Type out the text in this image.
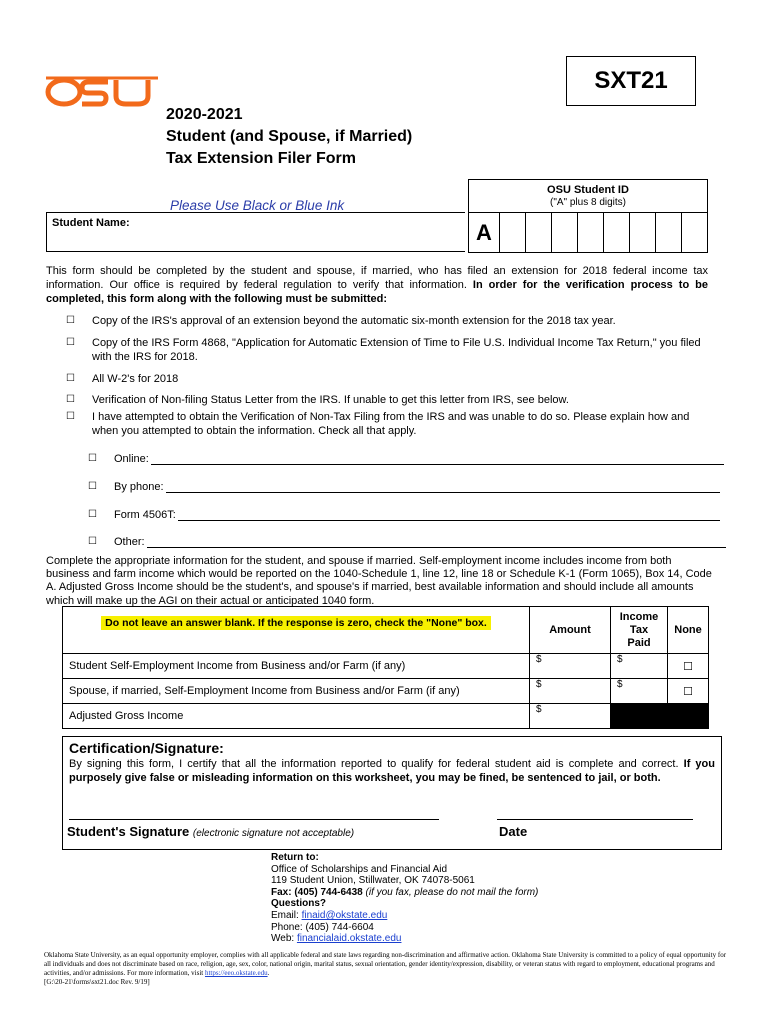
SXT21
2020-2021
Student (and Spouse, if Married)
Tax Extension Filer Form
Please Use Black or Blue Ink
OSU Student ID
("A" plus 8 digits)
A
Student Name:
This form should be completed by the student and spouse, if married, who has filed an extension for 2018 federal income tax information. Our office is required by federal regulation to verify that information. In order for the verification process to be completed, this form along with the following must be submitted:
☐ Copy of the IRS's approval of an extension beyond the automatic six-month extension for the 2018 tax year.
☐ Copy of the IRS Form 4868, "Application for Automatic Extension of Time to File U.S. Individual Income Tax Return," you filed with the IRS for 2018.
☐ All W-2's for 2018
☐ Verification of Non-filing Status Letter from the IRS. If unable to get this letter from IRS, see below.
☐ I have attempted to obtain the Verification of Non-Tax Filing from the IRS and was unable to do so. Please explain how and when you attempted to obtain the information. Check all that apply.
☐ Online:
☐ By phone:
☐ Form 4506T:
☐ Other:
Complete the appropriate information for the student, and spouse if married. Self-employment income includes income from both business and farm income which would be reported on the 1040-Schedule 1, line 12, line 18 or Schedule K-1 (Form 1065), Box 14, Code A. Adjusted Gross Income should be the student's, and spouse's if married, best available information and should include all amounts which will make up the AGI on their actual or anticipated 1040 form.
Do not leave an answer blank. If the response is zero, check the "None" box.	Amount	Income
Tax Paid	None
Student Self-Employment Income from Business and/or Farm (if any)	$	$	☐
Spouse, if married, Self-Employment Income from Business and/or Farm (if any)	$	$	☐
Adjusted Gross Income	$		
Certification/Signature:
By signing this form, I certify that all the information reported to qualify for federal student aid is complete and correct. If you purposely give false or misleading information on this worksheet, you may be fined, be sentenced to jail, or both.
Student's Signature (electronic signature not acceptable)	Date
Return to:
Office of Scholarships and Financial Aid
119 Student Union, Stillwater, OK 74078-5061
Fax: (405) 744-6438 (if you fax, please do not mail the form)
Questions?
Email: finaid@okstate.edu
Phone: (405) 744-6604
Web: financialaid.okstate.edu
Oklahoma State University, as an equal opportunity employer, complies with all applicable federal and state laws regarding non-discrimination and affirmative action. Oklahoma State University is committed to a policy of equal opportunity for all individuals and does not discriminate based on race, religion, age, sex, color, national origin, marital status, sexual orientation, gender identity/expression, disability, or veteran status with regard to employment, educational programs and activities, and/or admissions. For more information, visit https://eeo.okstate.edu.
[G:\20-21\forms\sxt21.doc Rev. 9/19]
